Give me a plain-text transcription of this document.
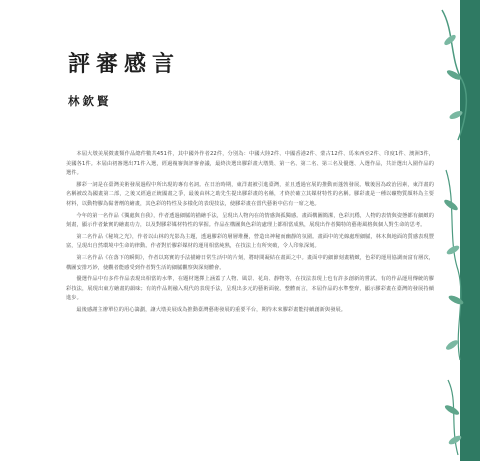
評審感言
林欽賢

本屆大墩美展徵畫類作品總件數共451件，其中國外作者22件，分別為：中國大陸2件、中國香港2件、蒙古12件、馬來西亞2件、印度1件、澳洲3件，美國各1件。本屆由初審選出71件入選，經過複審與評審會議，最終決選出膠彩畫大墩獎、第一名、第二名、第三名及優選、入選作品，共計選出入圍作品的選件。

膠彩一詞是在臺灣美術發展過程中所出現的專有名詞。在日治時期，東洋畫被引進臺灣，並且透過官展的推動而蓬勃發展。戰後因為政治因素，東洋畫的名稱被改為國畫第二部，之後又經過正統國畫之爭，最後由林之助先生提出膠彩畫的名稱，才終於確立其媒材特性的名稱。膠彩畫是一種以礦物質顏料為主要材料，以動物膠為黏著劑的繪畫，其色彩的特性及多樣化的表現技法，使膠彩畫在當代藝術中佔有一席之地。

今年的第一名作品《獨處與自我》，作者透過細膩的描繪手法，呈現出人物內在的情感與孤獨感。畫面構圖簡潔，色彩沉穩，人物的表情與姿態都有細緻的刻畫，顯示作者紮實的繪畫功力，以及對膠彩媒材特性的掌握。作品在構圖與色彩的處理上都相當成熟，展現出作者獨特的藝術風格與個人對生命的思考。

第二名作品《秘境之光》，作者以山林的光影為主題，透過膠彩的層層堆疊，營造出神秘而幽靜的氛圍。畫面中的光線處理細膩，林木與地面的質感表現豐富，呈現出自然環境中生命的律動。作者對於膠彩媒材的運用相當純熟，在技法上有所突破，令人印象深刻。

第三名作品《在落下的瞬間》，作者以寫實的手法描繪日常生活中的片刻，將時間凝結在畫面之中。畫面中的細節刻畫精緻，色彩的運用協調而富有層次，構圖安排巧妙，使觀者能感受到作者對生活的細膩觀察與深刻體會。

優選作品中有多件作品表現出相當的水準，在題材選擇上涵蓋了人物、風景、花鳥、靜物等，在技法表現上也有許多創新的嘗試。有的作品運用傳統的膠彩技法，展現出東方繪畫的韻味；有的作品則融入現代的表現手法，呈現出多元的藝術面貌。整體而言，本屆作品的水準整齊，顯示膠彩畫在臺灣的發展持續進步。

最後感謝主辦單位的用心籌劃，讓大墩美展成為推動臺灣藝術發展的重要平台，期待未來膠彩畫能持續創新與發展。
